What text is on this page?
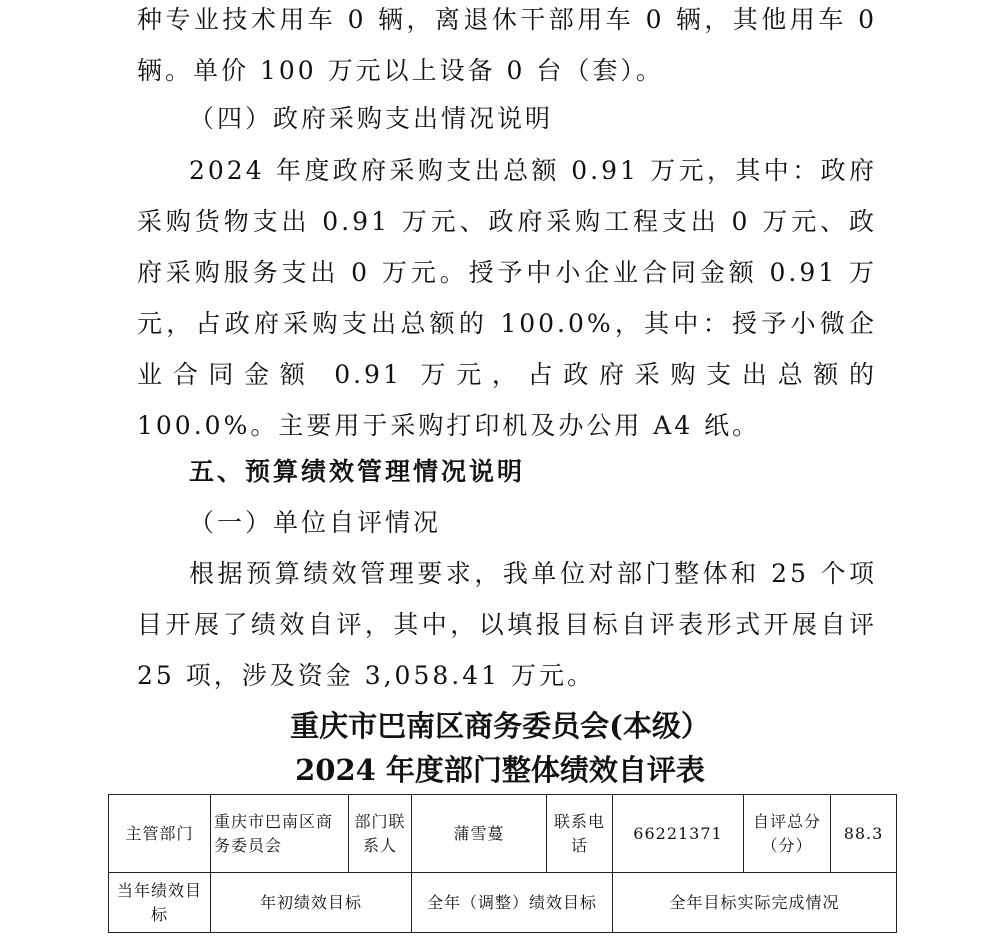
种专业技术用车 0 辆，离退休干部用车 0 辆，其他用车 0 辆。单价 100 万元以上设备 0 台（套）。

（四）政府采购支出情况说明

2024 年度政府采购支出总额 0.91 万元，其中：政府采购货物支出 0.91 万元、政府采购工程支出 0 万元、政府采购服务支出 0 万元。授予中小企业合同金额 0.91 万元，占政府采购支出总额的 100.0%，其中：授予小微企业合同金额 0.91 万元，占政府采购支出总额的 100.0%。主要用于采购打印机及办公用 A4 纸。

五、预算绩效管理情况说明

（一）单位自评情况

根据预算绩效管理要求，我单位对部门整体和 25 个项目开展了绩效自评，其中，以填报目标自评表形式开展自评 25 项，涉及资金 3,058.41 万元。

重庆市巴南区商务委员会(本级）
2024 年度部门整体绩效自评表
主管部门	重庆市巴南区商务委员会	部门联系人	蒲雪蔓	联系电话	66221371	自评总分（分）	88.3
当年绩效目标	年初绩效目标		全年（调整）绩效目标		全年目标实际完成情况		
